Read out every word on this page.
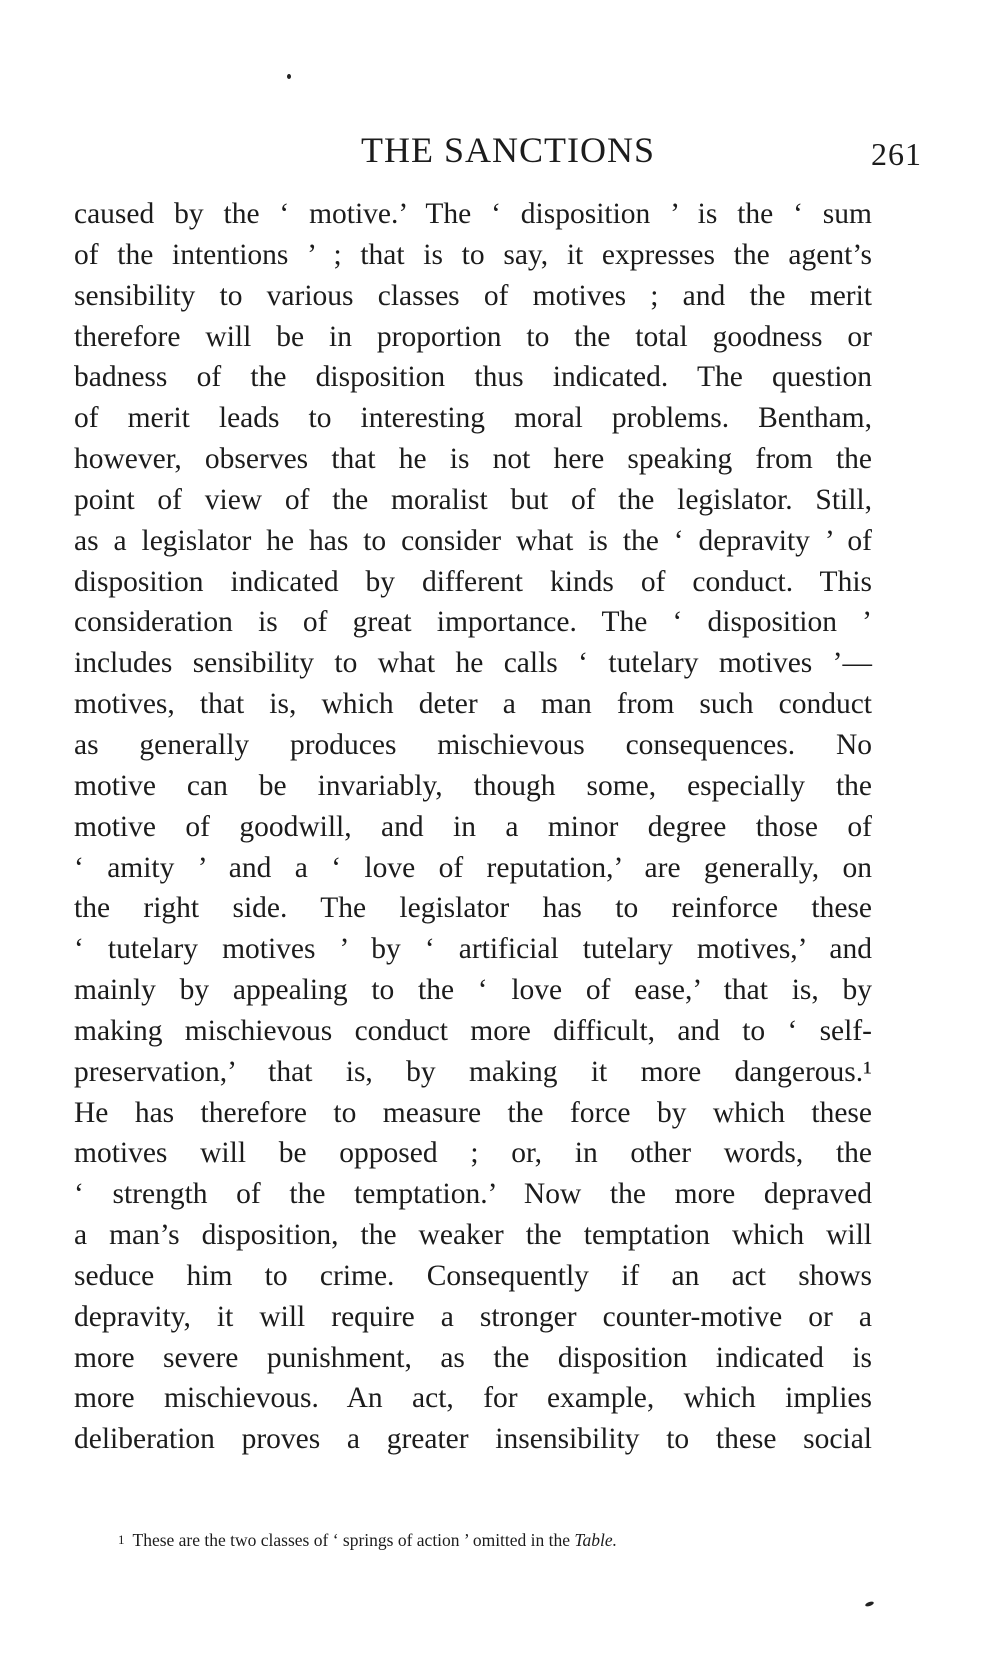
THE SANCTIONS	261
caused by the ‘ motive.’ The ‘ disposition ’ is the ‘ sum
of the intentions ’ ; that is to say, it expresses the agent’s
sensibility to various classes of motives ; and the merit
therefore will be in proportion to the total goodness or
badness of the disposition thus indicated. The question
of merit leads to interesting moral problems. Bentham,
however, observes that he is not here speaking from the
point of view of the moralist but of the legislator. Still,
as a legislator he has to consider what is the ‘ depravity ’ of
disposition indicated by different kinds of conduct. This
consideration is of great importance. The ‘ disposition ’
includes sensibility to what he calls ‘ tutelary motives ’—
motives, that is, which deter a man from such conduct
as generally produces mischievous consequences. No
motive can be invariably, though some, especially the
motive of goodwill, and in a minor degree those of
‘ amity ’ and a ‘ love of reputation,’ are generally, on
the right side. The legislator has to reinforce these
‘ tutelary motives ’ by ‘ artificial tutelary motives,’ and
mainly by appealing to the ‘ love of ease,’ that is, by
making mischievous conduct more difficult, and to ‘ self-
preservation,’ that is, by making it more dangerous.¹
He has therefore to measure the force by which these
motives will be opposed ; or, in other words, the
‘ strength of the temptation.’ Now the more depraved
a man’s disposition, the weaker the temptation which will
seduce him to crime. Consequently if an act shows
depravity, it will require a stronger counter-motive or a
more severe punishment, as the disposition indicated is
more mischievous. An act, for example, which implies
deliberation proves a greater insensibility to these social
$^1$ These are the two classes of ‘ springs of action ’ omitted in the Table.
